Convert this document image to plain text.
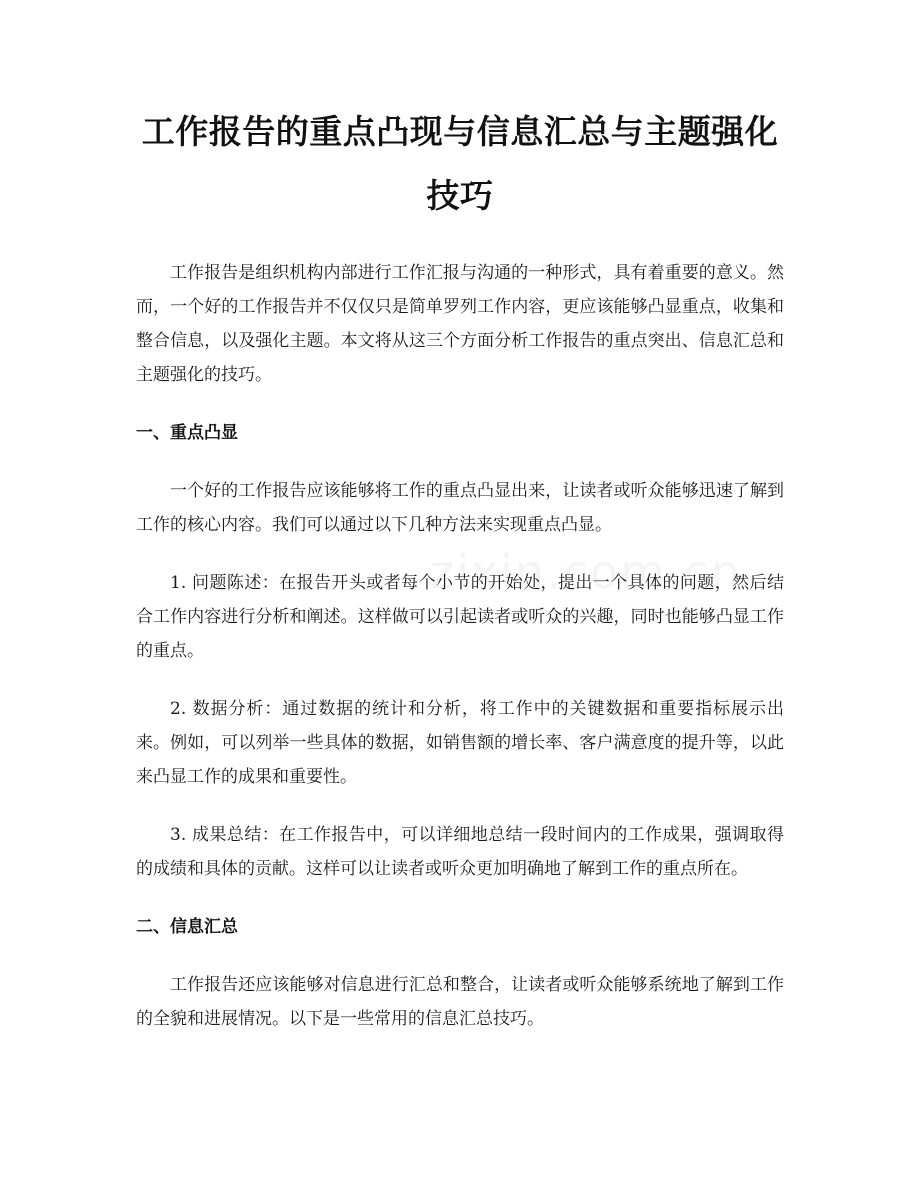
工作报告的重点凸现与信息汇总与主题强化
技巧

工作报告是组织机构内部进行工作汇报与沟通的一种形式，具有着重要的意义。然而，一个好的工作报告并不仅仅只是简单罗列工作内容，更应该能够凸显重点，收集和整合信息，以及强化主题。本文将从这三个方面分析工作报告的重点突出、信息汇总和主题强化的技巧。

一、重点凸显

一个好的工作报告应该能够将工作的重点凸显出来，让读者或听众能够迅速了解到工作的核心内容。我们可以通过以下几种方法来实现重点凸显。

1. 问题陈述：在报告开头或者每个小节的开始处，提出一个具体的问题，然后结合工作内容进行分析和阐述。这样做可以引起读者或听众的兴趣，同时也能够凸显工作的重点。

2. 数据分析：通过数据的统计和分析，将工作中的关键数据和重要指标展示出来。例如，可以列举一些具体的数据，如销售额的增长率、客户满意度的提升等，以此来凸显工作的成果和重要性。

3. 成果总结：在工作报告中，可以详细地总结一段时间内的工作成果，强调取得的成绩和具体的贡献。这样可以让读者或听众更加明确地了解到工作的重点所在。

二、信息汇总

工作报告还应该能够对信息进行汇总和整合，让读者或听众能够系统地了解到工作的全貌和进展情况。以下是一些常用的信息汇总技巧。
